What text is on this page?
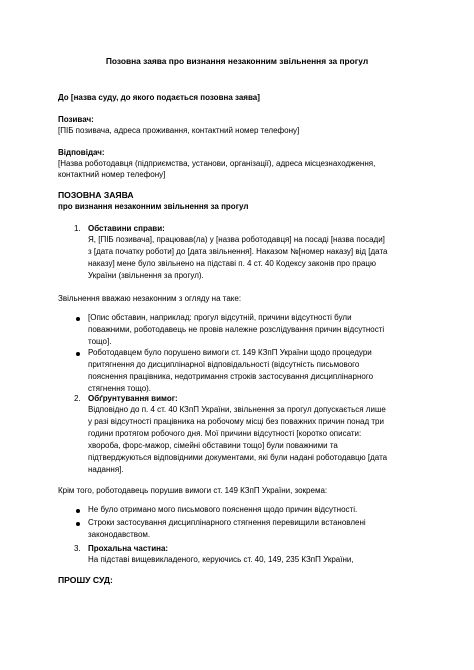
Позовна заява про визнання незаконним звільнення за прогул
До [назва суду, до якого подається позовна заява]
Позивач:
[ПІБ позивача, адреса проживання, контактний номер телефону]
Відповідач:
[Назва роботодавця (підприємства, установи, організації), адреса місцезнаходження,
контактний номер телефону]
ПОЗОВНА ЗАЯВА
про визнання незаконним звільнення за прогул
1. Обставини справи:

Я, [ПІБ позивача], працював(ла) у [назва роботодавця] на посаді [назва посади]

з [дата початку роботи] до [дата звільнення]. Наказом №[номер наказу] від [дата

наказу] мене було звільнено на підставі п. 4 ст. 40 Кодексу законів про працю

України (звільнення за прогул).

Звільнення вважаю незаконним з огляду на таке:

[Опис обставин, наприклад: прогул відсутній, причини відсутності були

поважними, роботодавець не провів належне розслідування причин відсутності

тощо].

Роботодавцем було порушено вимоги ст. 149 КЗпП України щодо процедури

притягнення до дисциплінарної відповідальності (відсутність письмового

пояснення працівника, недотримання строків застосування дисциплінарного

стягнення тощо).

2. Обґрунтування вимог:

Відповідно до п. 4 ст. 40 КЗпП України, звільнення за прогул допускається лише

у разі відсутності працівника на робочому місці без поважних причин понад три

години протягом робочого дня. Мої причини відсутності [коротко описати:

хвороба, форс-мажор, сімейні обставини тощо] були поважними та

підтверджуються відповідними документами, які були надані роботодавцю [дата

надання].

Крім того, роботодавець порушив вимоги ст. 149 КЗпП України, зокрема:

Не було отримано мого письмового пояснення щодо причин відсутності.

Строки застосування дисциплінарного стягнення перевищили встановлені

законодавством.

3. Прохальна частина:

На підставі вищевикладеного, керуючись ст. 40, 149, 235 КЗпП України,

ПРОШУ СУД:
